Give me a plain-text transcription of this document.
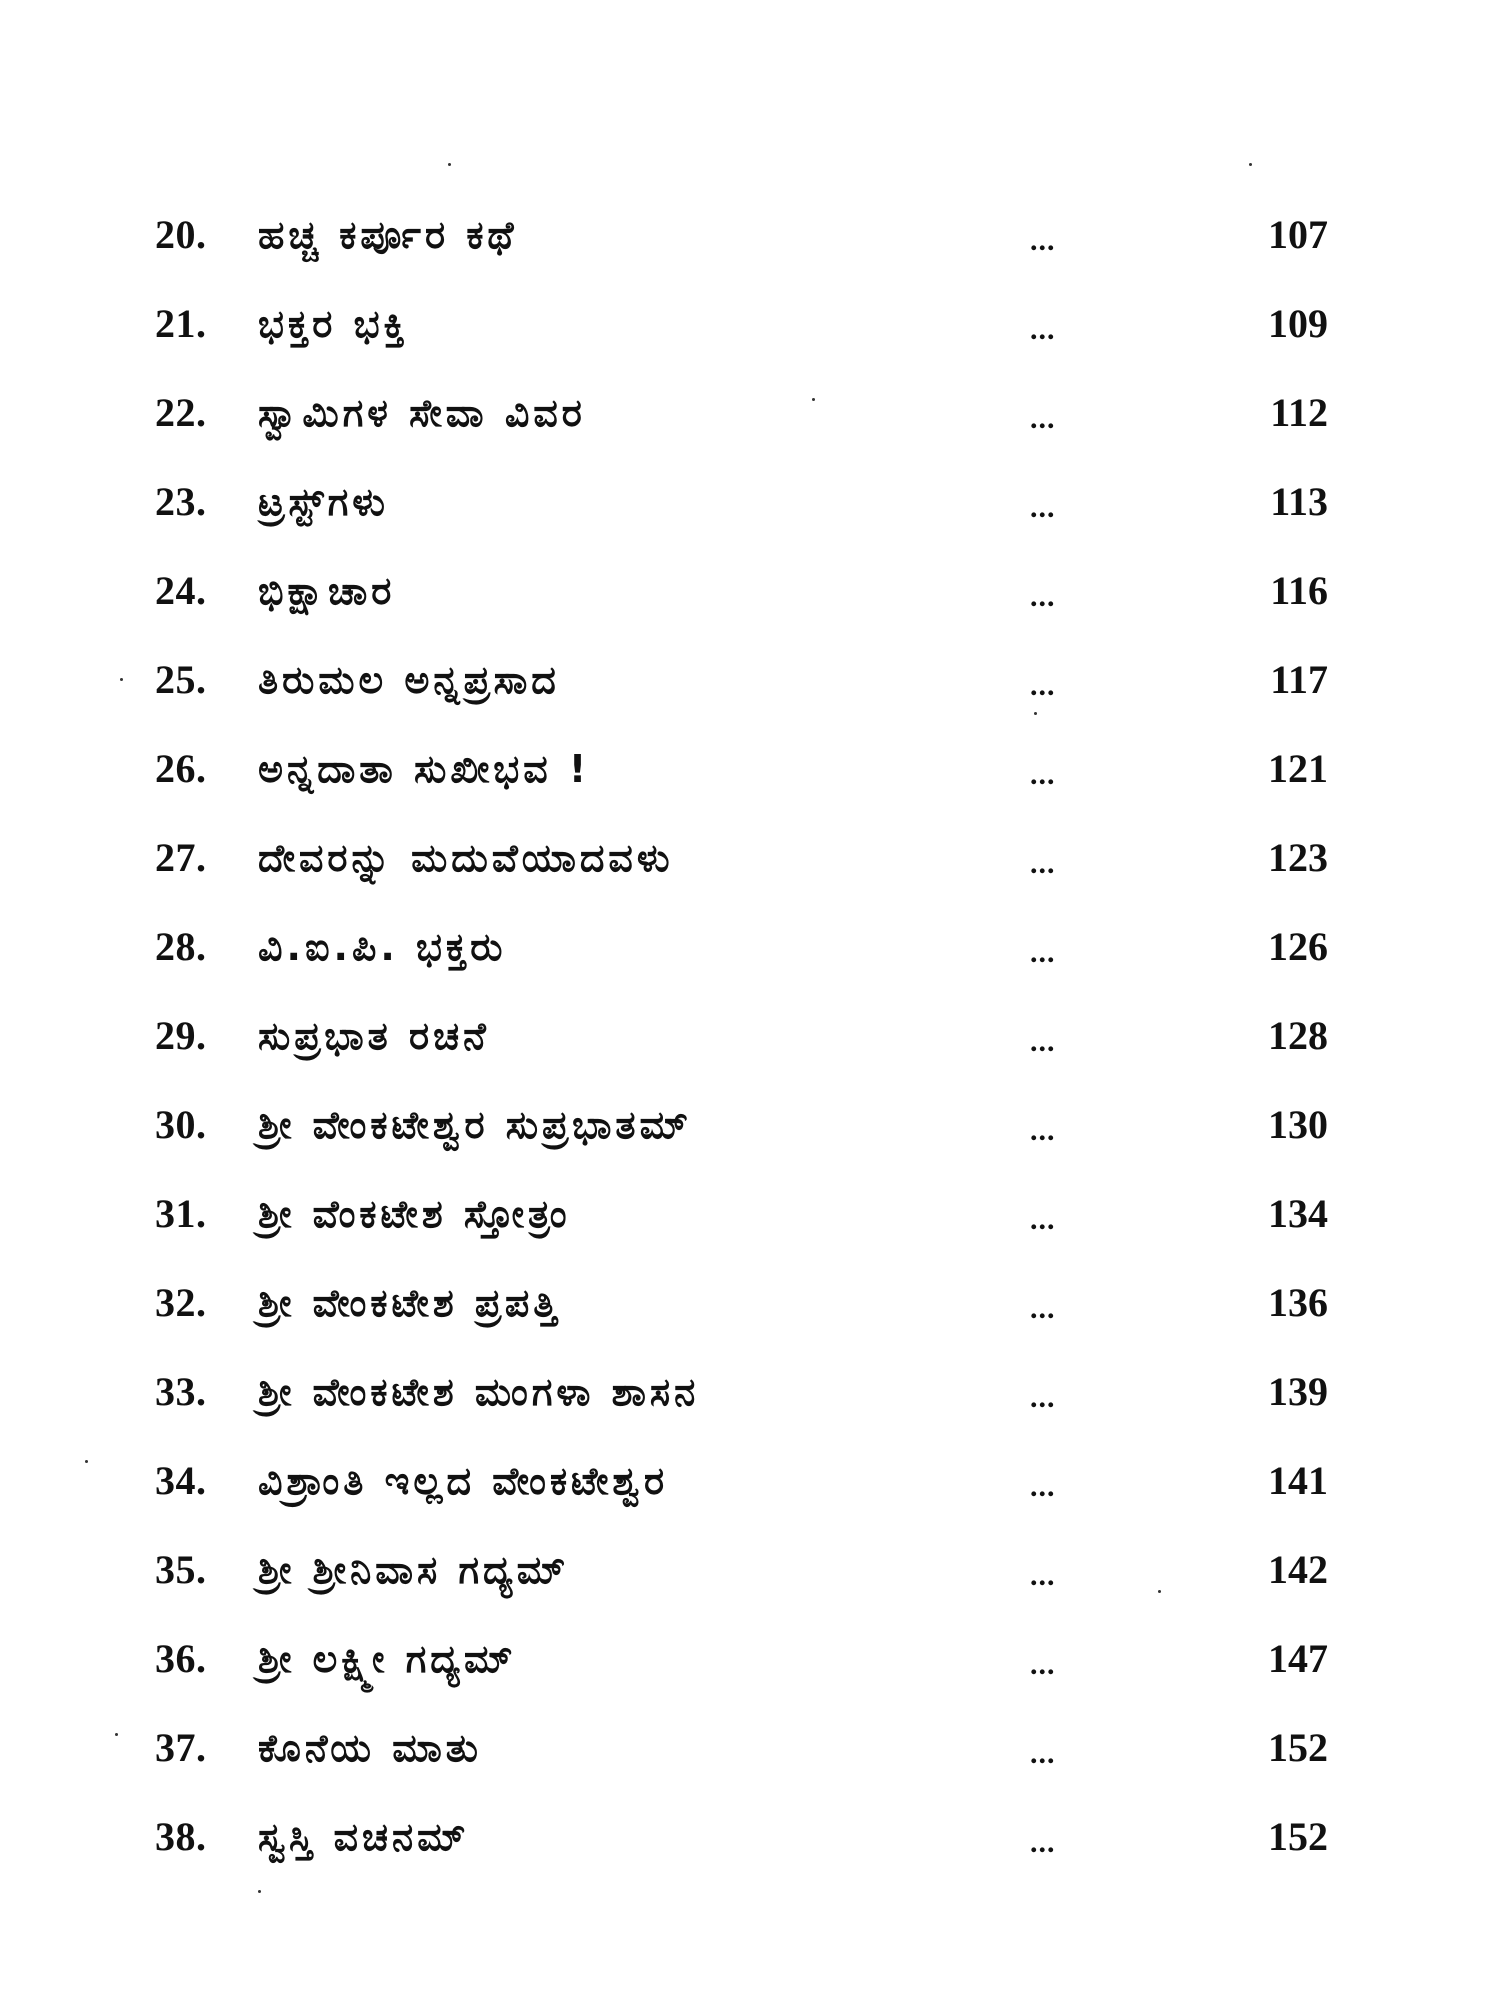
20.	ಹಚ್ಚ ಕರ್ಪೂರ ಕಥೆ	...	107
21.	ಭಕ್ತರ ಭಕ್ತಿ	...	109
22.	ಸ್ವಾಮಿಗಳ ಸೇವಾ ವಿವರ	...	112
23.	ಟ್ರಸ್ಟ್‌ಗಳು	...	113
24.	ಭಿಕ್ಷಾಚಾರ	...	116
25.	ತಿರುಮಲ ಅನ್ನಪ್ರಸಾದ	...	117
26.	ಅನ್ನದಾತಾ ಸುಖೀಭವ !	...	121
27.	ದೇವರನ್ನು ಮದುವೆಯಾದವಳು	...	123
28.	ವಿ.ಐ.ಪಿ. ಭಕ್ತರು	...	126
29.	ಸುಪ್ರಭಾತ ರಚನೆ	...	128
30.	ಶ್ರೀ ವೇಂಕಟೇಶ್ವರ ಸುಪ್ರಭಾತಮ್	...	130
31.	ಶ್ರೀ ವೆಂಕಟೇಶ ಸ್ತೋತ್ರಂ	...	134
32.	ಶ್ರೀ ವೇಂಕಟೇಶ ಪ್ರಪತ್ತಿ	...	136
33.	ಶ್ರೀ ವೇಂಕಟೇಶ ಮಂಗಳಾ ಶಾಸನ	...	139
34.	ವಿಶ್ರಾಂತಿ ಇಲ್ಲದ ವೇಂಕಟೇಶ್ವರ	...	141
35.	ಶ್ರೀ ಶ್ರೀನಿವಾಸ ಗದ್ಯಮ್	...	142
36.	ಶ್ರೀ ಲಕ್ಷ್ಮೀ ಗದ್ಯಮ್	...	147
37.	ಕೊನೆಯ ಮಾತು	...	152
38.	ಸ್ವಸ್ತಿ ವಚನಮ್	...	152
